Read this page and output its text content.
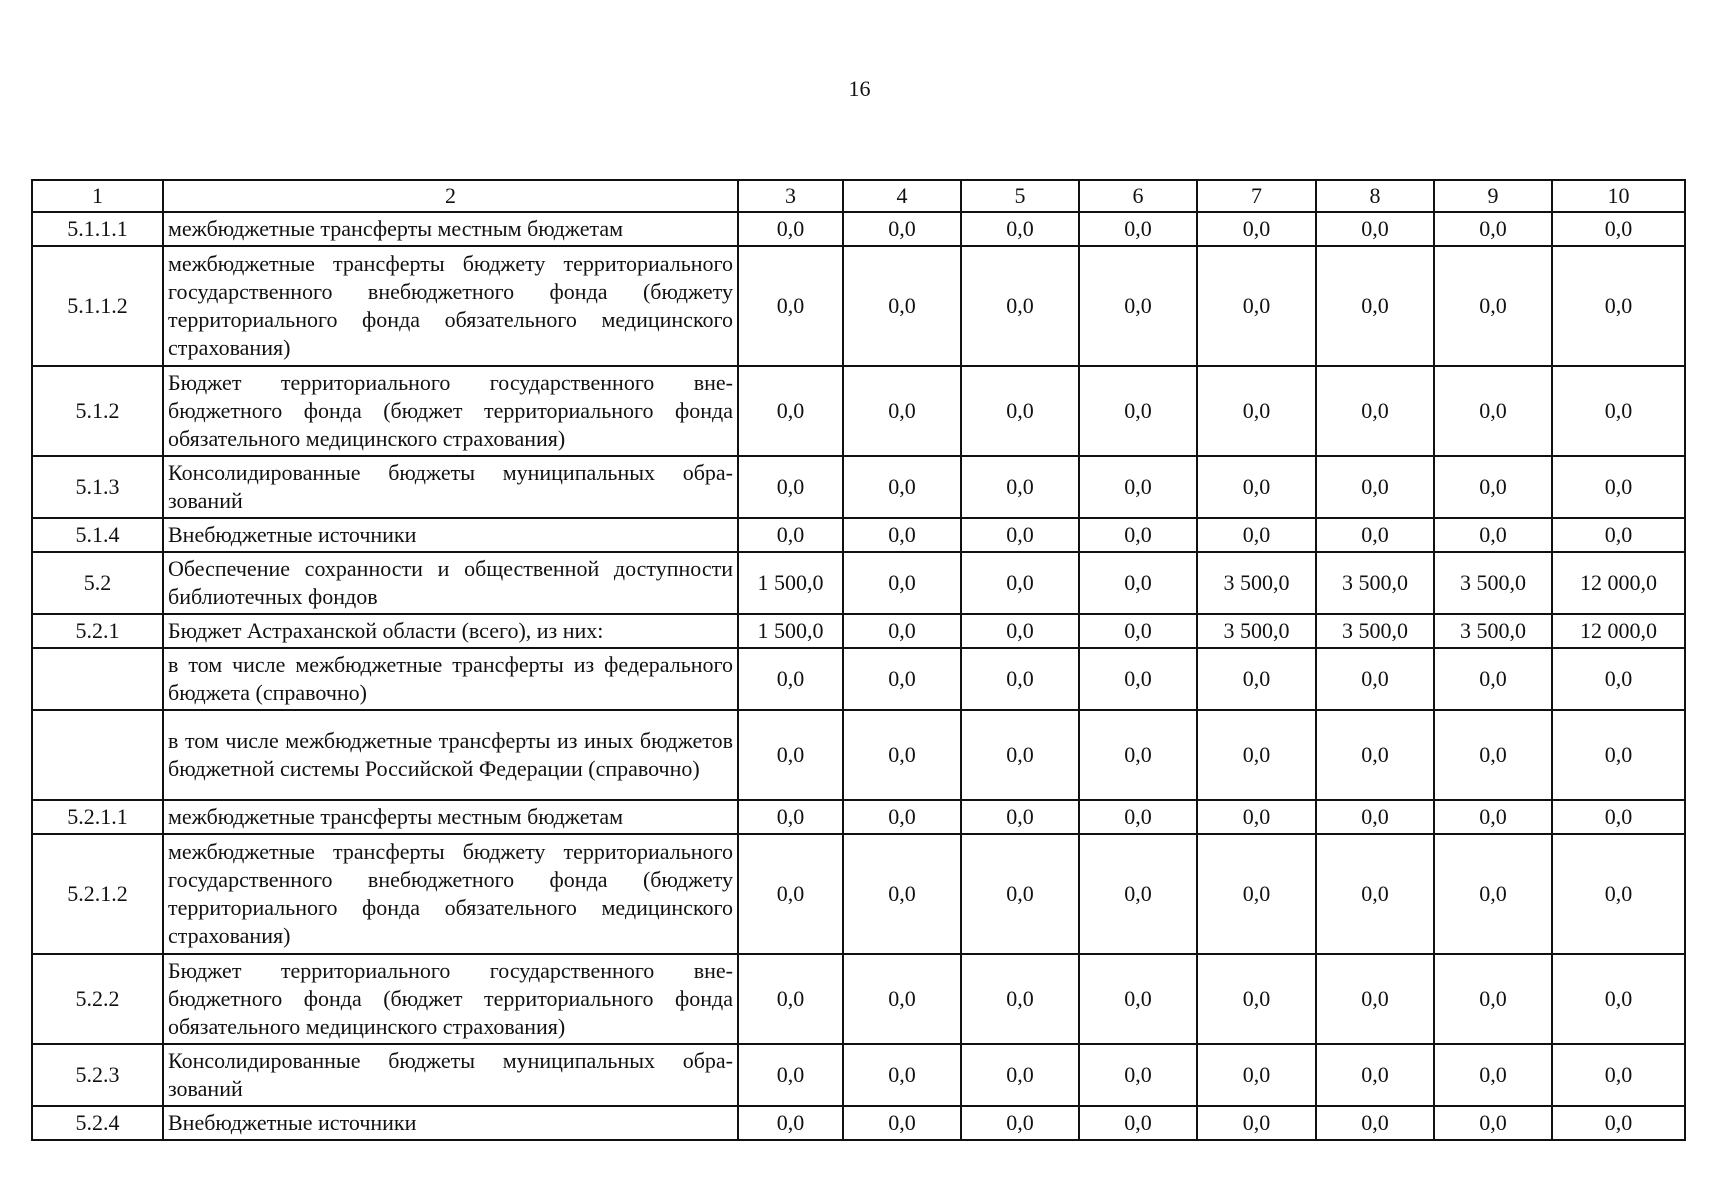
16
1	2	3	4	5	6	7	8	9	10
5.1.1.1	межбюджетные трансферты местным бюджетам	0,0	0,0	0,0	0,0	0,0	0,0	0,0	0,0
5.1.1.2	межбюджетные трансферты бюджету территориального государственного внебюджетного фонда (бюджету территориального фонда обязательного медицинского страхования)	0,0	0,0	0,0	0,0	0,0	0,0	0,0	0,0
5.1.2	Бюджет территориального государственного внебюджетного фонда (бюджет территориального фонда обязательного медицинского страхования)	0,0	0,0	0,0	0,0	0,0	0,0	0,0	0,0
5.1.3	Консолидированные бюджеты муниципальных образований	0,0	0,0	0,0	0,0	0,0	0,0	0,0	0,0
5.1.4	Внебюджетные источники	0,0	0,0	0,0	0,0	0,0	0,0	0,0	0,0
5.2	Обеспечение сохранности и общественной доступности библиотечных фондов	1 500,0	0,0	0,0	0,0	3 500,0	3 500,0	3 500,0	12 000,0
5.2.1	Бюджет Астраханской области (всего), из них:	1 500,0	0,0	0,0	0,0	3 500,0	3 500,0	3 500,0	12 000,0
	в том числе межбюджетные трансферты из федерального бюджета (справочно)	0,0	0,0	0,0	0,0	0,0	0,0	0,0	0,0
	в том числе межбюджетные трансферты из иных бюджетов бюджетной системы Российской Федерации (справочно)	0,0	0,0	0,0	0,0	0,0	0,0	0,0	0,0
5.2.1.1	межбюджетные трансферты местным бюджетам	0,0	0,0	0,0	0,0	0,0	0,0	0,0	0,0
5.2.1.2	межбюджетные трансферты бюджету территориального государственного внебюджетного фонда (бюджету территориального фонда обязательного медицинского страхования)	0,0	0,0	0,0	0,0	0,0	0,0	0,0	0,0
5.2.2	Бюджет территориального государственного внебюджетного фонда (бюджет территориального фонда обязательного медицинского страхования)	0,0	0,0	0,0	0,0	0,0	0,0	0,0	0,0
5.2.3	Консолидированные бюджеты муниципальных образований	0,0	0,0	0,0	0,0	0,0	0,0	0,0	0,0
5.2.4	Внебюджетные источники	0,0	0,0	0,0	0,0	0,0	0,0	0,0	0,0
